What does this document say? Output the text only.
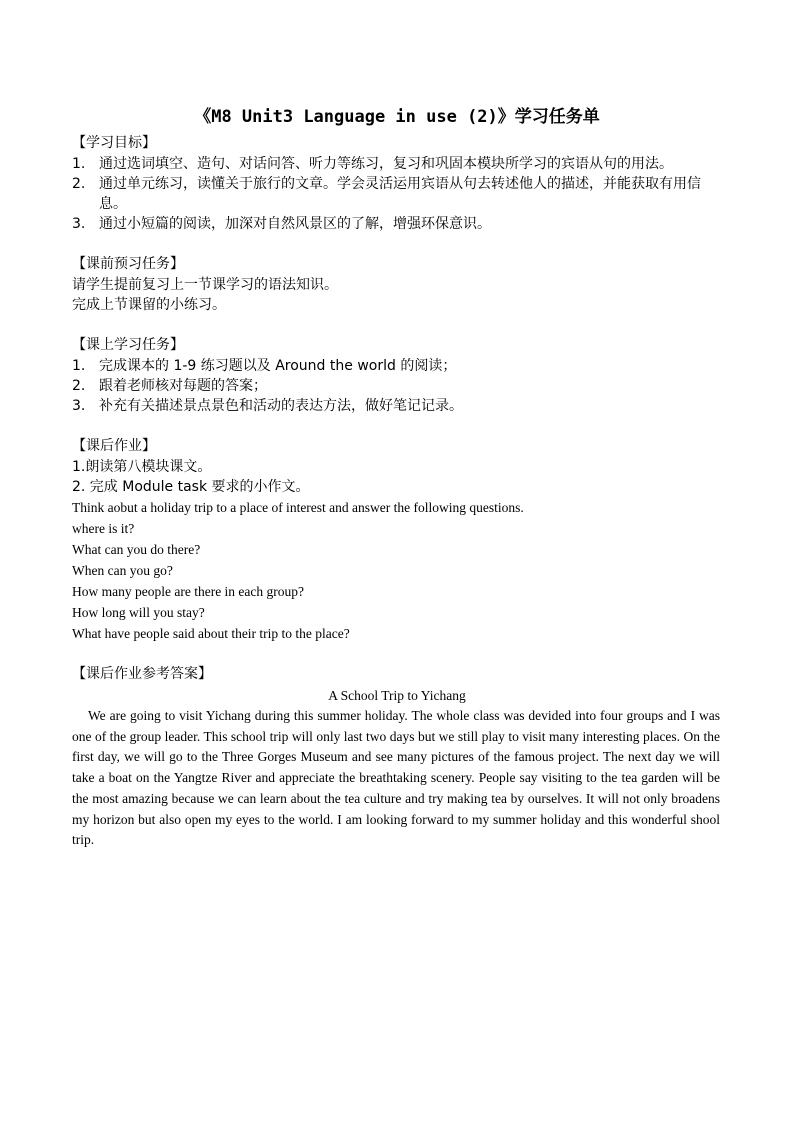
《M8 Unit3 Language in use (2)》学习任务单

【学习目标】

1. 通过选词填空、造句、对话问答、听力等练习，复习和巩固本模块所学习的宾语从句的用法。
2. 通过单元练习，读懂关于旅行的文章。学会灵活运用宾语从句去转述他人的描述，并能获取有用信息。
3. 通过小短篇的阅读，加深对自然风景区的了解，增强环保意识。

【课前预习任务】

请学生提前复习上一节课学习的语法知识。

完成上节课留的小练习。

【课上学习任务】

1. 完成课本的 1-9 练习题以及 Around the world 的阅读；
2. 跟着老师核对每题的答案；
3. 补充有关描述景点景色和活动的表达方法，做好笔记记录。

【课后作业】

1.朗读第八模块课文。

2. 完成 Module task 要求的小作文。

Think aobut a holiday trip to a place of interest and answer the following questions.

where is it?

What can you do there?

When can you go?

How many people are there in each group?

How long will you stay?

What have people said about their trip to the place?

【课后作业参考答案】

A School Trip to Yichang

We are going to visit Yichang during this summer holiday. The whole class was devided into four groups and I was one of the group leader. This school trip will only last two days but we still play to visit many interesting places. On the first day, we will go to the Three Gorges Museum and see many pictures of the famous project. The next day we will take a boat on the Yangtze River and appreciate the breathtaking scenery. People say visiting to the tea garden will be the most amazing because we can learn about the tea culture and try making tea by ourselves. It will not only broadens my horizon but also open my eyes to the world. I am looking forward to my summer holiday and this wonderful shool trip.
